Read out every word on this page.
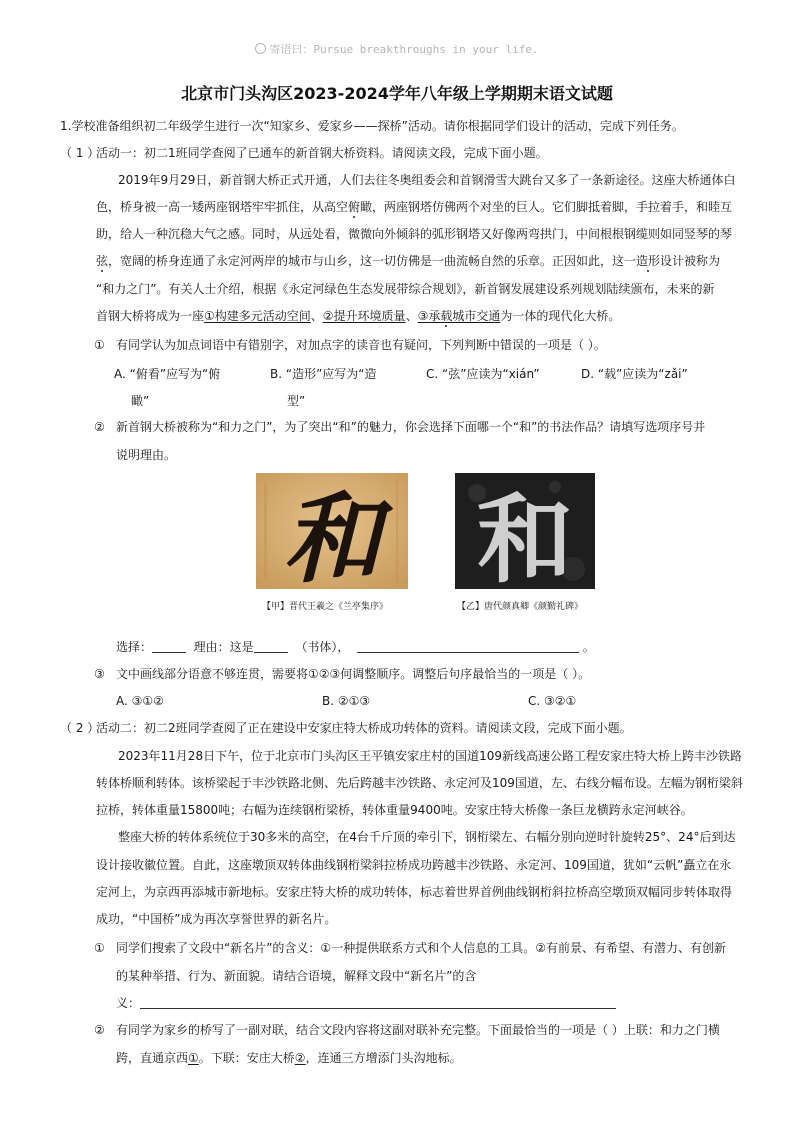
寄语曰：Pursue breakthroughs in your life.
北京市门头沟区2023-2024学年八年级上学期期末语文试题
1.学校准备组织初二年级学生进行一次“知家乡、爱家乡——探桥”活动。请你根据同学们设计的活动，完成下列任务。
（ 1 ）
活动一：初二1班同学查阅了已通车的新首钢大桥资料。请阅读文段，完成下面小题。
2019年9月29日，新首钢大桥正式开通，人们去往冬奥组委会和首钢滑雪大跳台又多了一条新途径。这座大桥通体白
色，桥身被一高一矮两座钢塔牢牢抓住，从高空俯瞰，两座钢塔仿佛两个对坐的巨人。它们脚抵着脚，手拉着手，和睦互
助，给人一种沉稳大气之感。同时，从远处看，微微向外倾斜的弧形钢塔又好像两弯拱门，中间根根钢缆则如同竖琴的琴
弦，宽阔的桥身连通了永定河两岸的城市与山乡，这一切仿佛是一曲流畅自然的乐章。正因如此，这一造形设计被称为
“和力之门”。有关人士介绍，根据《永定河绿色生态发展带综合规划》，新首钢发展建设系列规划陆续颁布，未来的新
首钢大桥将成为一座①构建多元活动空间、②提升环境质量、③承载城市交通为一体的现代化大桥。
① 有同学认为加点词语中有错别字，对加点字的读音也有疑问，下列判断中错误的一项是（ ）。
A. “俯看”应写为“俯
瞰”
B. “造形”应写为“造
型”
C. “弦”应读为“xián”	D. “载”应读为“zǎi”
② 新首钢大桥被称为“和力之门”，为了突出“和”的魅力，你会选择下面哪一个“和”的书法作品？请填写选项序号并
说明理由。
和 和
【甲】晋代王羲之《兰亭集序》	【乙】唐代颜真卿《颜勤礼碑》
选择：	理由：这是	（书体），	。
③ 文中画线部分语意不够连贯，需要将①②③何调整顺序。调整后句序最恰当的一项是（ ）。
A. ③①②	B. ②①③	C. ③②①
（ 2 ）
活动二：初二2班同学查阅了正在建设中安家庄特大桥成功转体的资料。请阅读文段，完成下面小题。
2023年11月28日下午，位于北京市门头沟区王平镇安家庄村的国道109新线高速公路工程安家庄特大桥上跨丰沙铁路
转体桥顺利转体。该桥梁起于丰沙铁路北侧、先后跨越丰沙铁路、永定河及109国道，左、右线分幅布设。左幅为钢桁梁斜
拉桥，转体重量15800吨；右幅为连续钢桁梁桥，转体重量9400吨。安家庄特大桥像一条巨龙横跨永定河峡谷。
整座大桥的转体系统位于30多米的高空，在4台千斤顶的牵引下，钢桁梁左、右幅分别向逆时针旋转25°、24°后到达
设计接收徽位置。自此，这座墩顶双转体曲线钢桁梁斜拉桥成功跨越丰沙铁路、永定河、109国道，犹如“云帆”矗立在永
定河上，为京西再添城市新地标。安家庄特大桥的成功转体，标志着世界首例曲线钢桁斜拉桥高空墩顶双幅同步转体取得
成功，“中国桥”成为再次享誉世界的新名片。
① 同学们搜索了文段中“新名片”的含义：①一种提供联系方式和个人信息的工具。②有前景、有希望、有潜力、有创新
的某种举措、行为、新面貌。请结合语境，解释文段中“新名片”的含
义：
② 有同学为家乡的桥写了一副对联，结合文段内容将这副对联补充完整。下面最恰当的一项是（ ）上联：和力之门横
跨，直通京西①。下联：安庄大桥②，连通三方增添门头沟地标。
